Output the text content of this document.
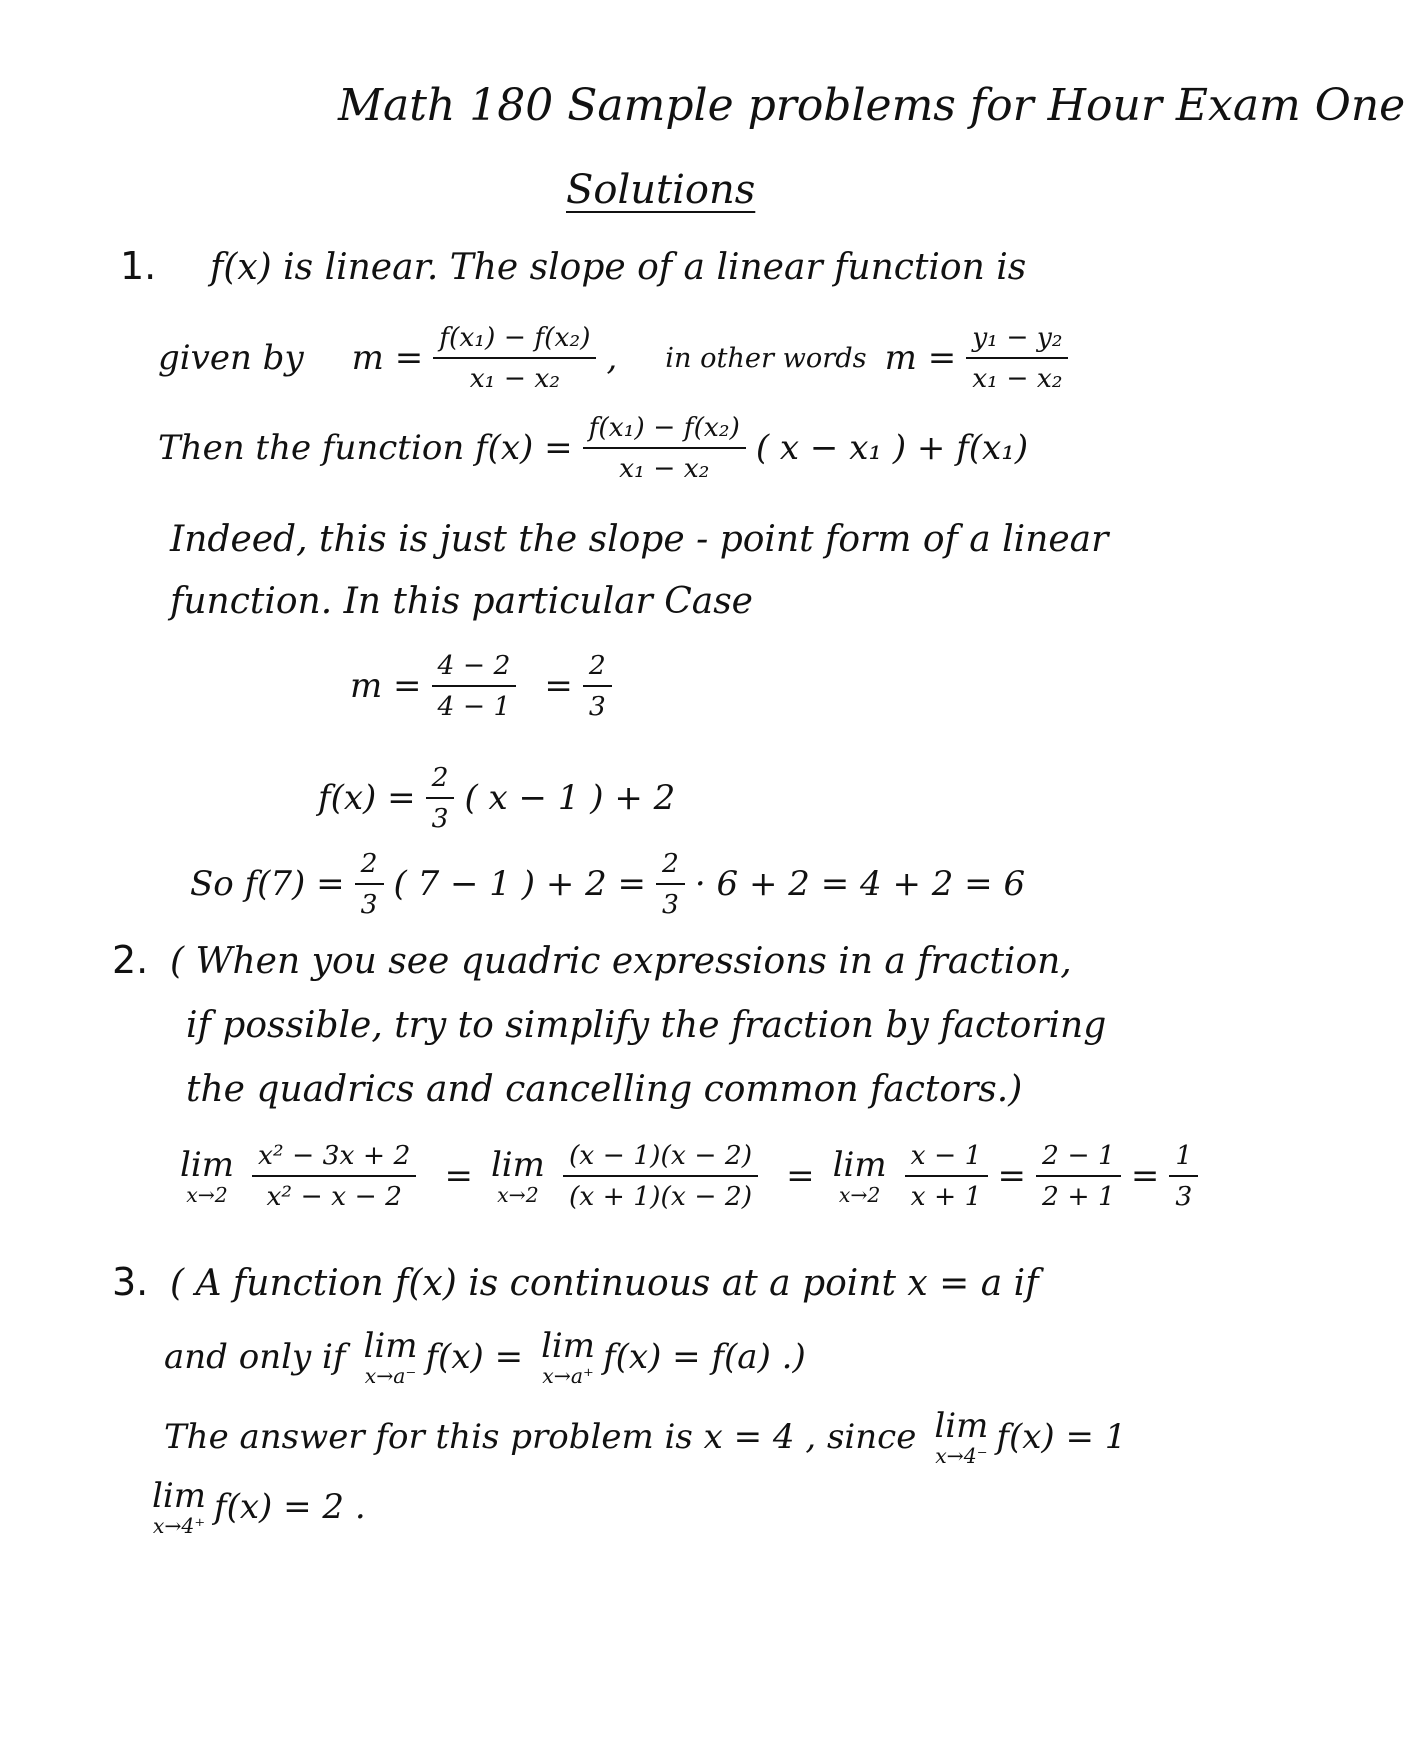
Math 180 Sample problems for Hour Exam One
Solutions
1. f(x) is linear. The slope of a linear function is
given by $m = \frac{\text{f(x₁) − f(x₂)}}{\text{x₁ − x₂}}$ , in other words $m = \frac{\text{y₁ − y₂}}{\text{x₁ − x₂}}$
Then the function $f(x) = \frac{\text{f(x₁) − f(x₂)}}{\text{x₁ − x₂}}$ ( x − x₁ ) + f(x₁)
Indeed, this is just the slope - point form of a linear
function. In this particular Case
$m = \frac{4 - 2}{4 - 1} = \frac{2}{3}$
$f(x) = \frac{2}{3}$ ( x − 1 ) + 2
So $f(7) = \frac{2}{3}$ ( 7 − 1 ) + $2 = \frac{2}{3} \cdot 6 + 2 = 4 + 2 = 6$
2. ( When you see quadric expressions in a fraction,
if possible, try to simplify the fraction by factoring
the quadrics and cancelling common factors.)
lim
$x\to 2 \frac{\text{x² − 3x + 2}}{\text{x² − x − 2}} = \lim$
$x\to 2 \frac{(x - 1)(x - 2)}{(x + 1)(x - 2)} = \lim$
$x\to 2 \frac{x - 1}{x + 1} = \frac{2 - 1}{2 + 1} = \frac{1}{3}$
3. ( A function f(x) is continuous at a point x = a if
and only if lim
x→a⁻ f(x) = lim
x→a⁺ f(x) = f(a) .)
The answer for this problem is x = 4 , since lim
x→4⁻ f(x) = 1
lim
x→4⁺ f(x) = 2 .
